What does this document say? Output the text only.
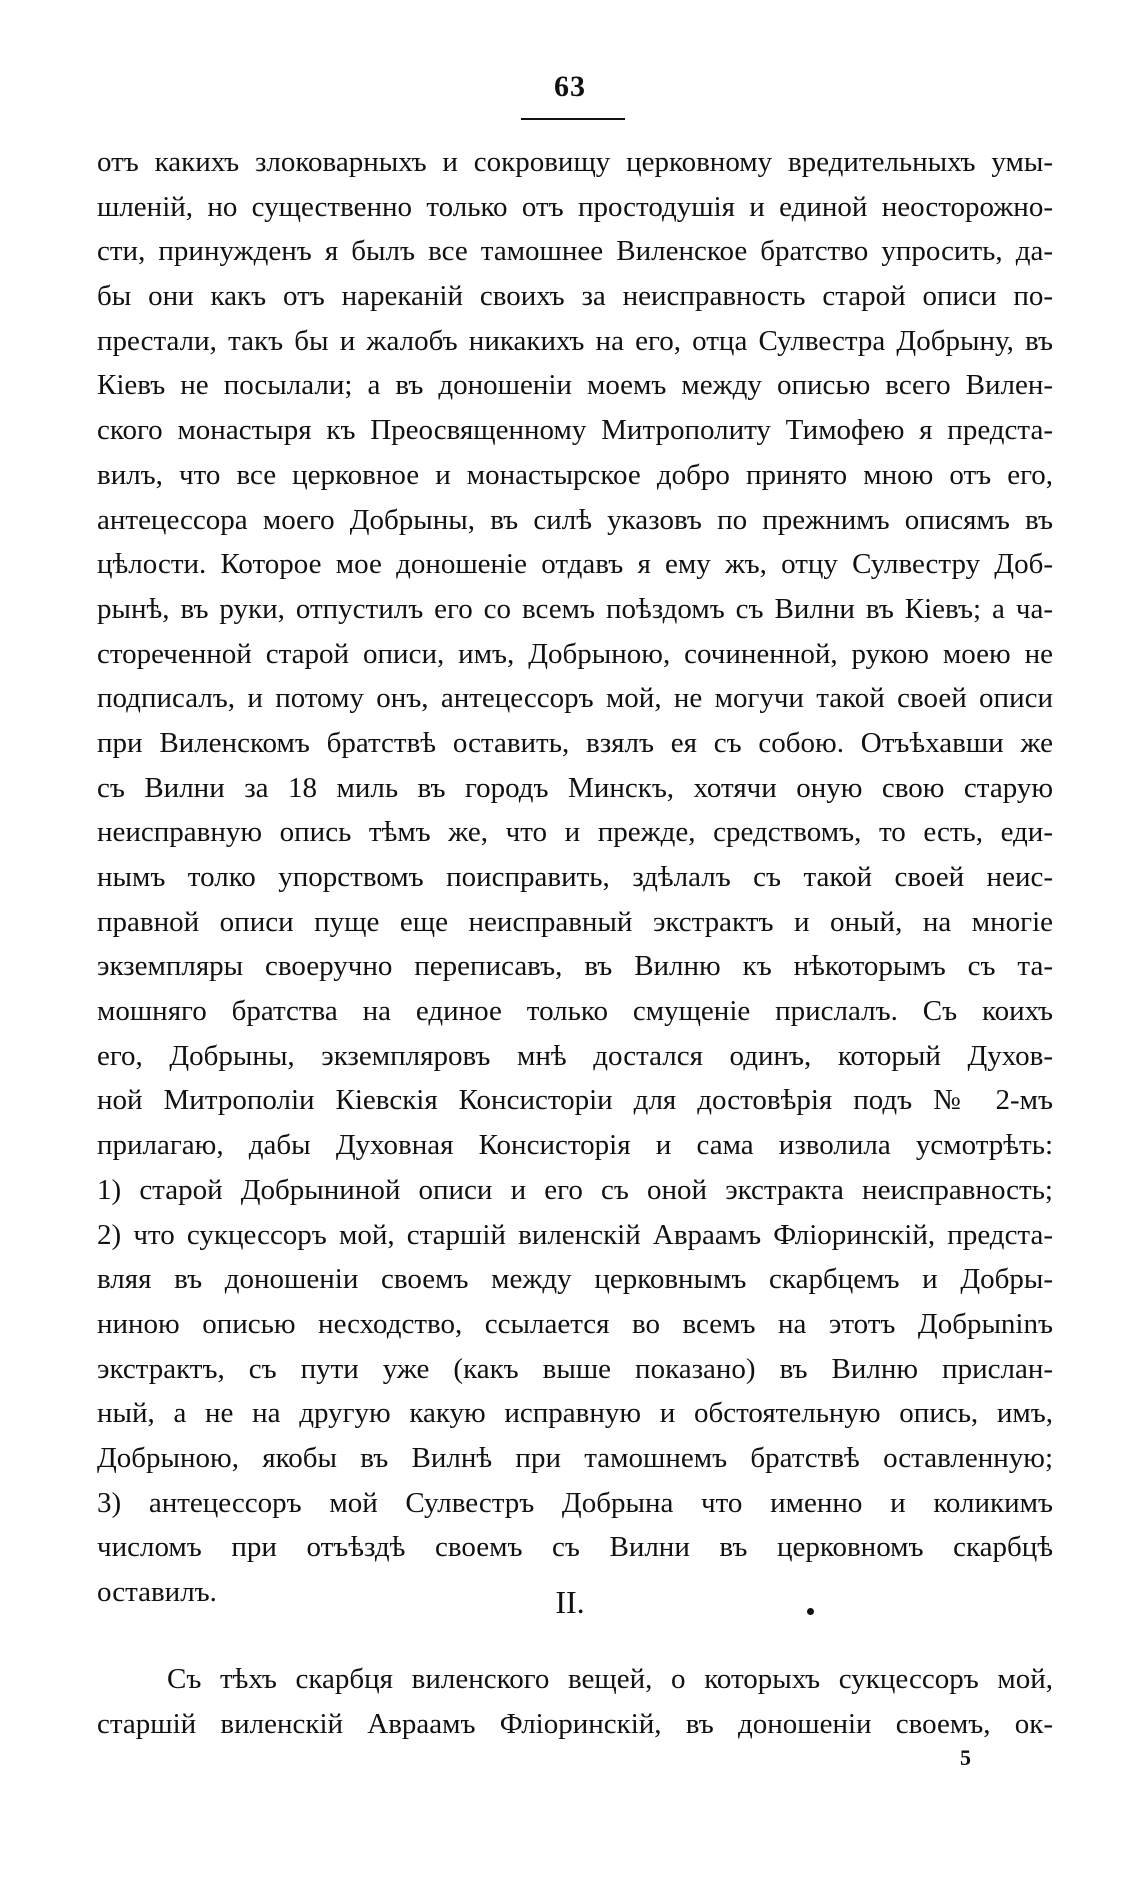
63
отъ какихъ злоковарныхъ и сокровищу церковному вредительныхъ умы-
шленій, но существенно только отъ простодушія и единой неосторожно-
сти, принужденъ я былъ все тамошнее Виленское братство упросить, да-
бы они какъ отъ нареканій своихъ за неисправность старой описи по-
престали, такъ бы и жалобъ никакихъ на его, отца Сулвестра Добрыну, въ
Кіевъ не посылали; а въ доношеніи моемъ между описью всего Вилен-
ского монастыря къ Преосвященному Митрополиту Тимофею я предста-
вилъ, что все церковное и монастырское добро принято мною отъ его,
антецессора моего Добрыны, въ силѣ указовъ по прежнимъ описямъ въ
цѣлости. Которое мое доношеніе отдавъ я ему жъ, отцу Сулвестру Доб-
рынѣ, въ руки, отпустилъ его со всемъ поѣздомъ съ Вилни въ Кіевъ; а ча-
стореченной старой описи, имъ, Добрыною, сочиненной, рукою моею не
подписалъ, и потому онъ, антецессоръ мой, не могучи такой своей описи
при Виленскомъ братствѣ оставить, взялъ ея съ собою. Отъѣхавши же
съ Вилни за 18 миль въ городъ Минскъ, хотячи оную свою старую
неисправную опись тѣмъ же, что и прежде, средствомъ, то есть, еди-
нымъ толко упорствомъ поисправить, здѣлалъ съ такой своей неис-
правной описи пуще еще неисправный экстрактъ и оный, на многіе
экземпляры своеручно переписавъ, въ Вилню къ нѣкоторымъ съ та-
мошняго братства на единое только смущеніе прислалъ. Съ коихъ
его, Добрыны, экземпляровъ мнѣ достался одинъ, который Духов-
ной Митрополіи Кіевскія Консисторіи для достовѣрія подъ № 2-мъ
прилагаю, дабы Духовная Консисторія и сама изволила усмотрѣть:
1) старой Добрыниной описи и его съ оной экстракта неисправность;
2) что сукцессоръ мой, старшій виленскій Авраамъ Фліоринскій, предста-
вляя въ доношеніи своемъ между церковнымъ скарбцемъ и Добры-
ниною описью несходство, ссылается во всемъ на этотъ Добрыninъ
экстрактъ, съ пути уже (какъ выше показано) въ Вилню прислан-
ный, а не на другую какую исправную и обстоятельную опись, имъ,
Добрыною, якобы въ Вилнѣ при тамошнемъ братствѣ оставленную;
3) антецессоръ мой Сулвестръ Добрына что именно и коликимъ
числомъ при отъѣздѣ своемъ съ Вилни въ церковномъ скарбцѣ
оставилъ.	II.
Съ тѣхъ скарбця виленского вещей, о которыхъ сукцессоръ мой,
старшій виленскій Авраамъ Фліоринскій, въ доношеніи своемъ, ок-
5
